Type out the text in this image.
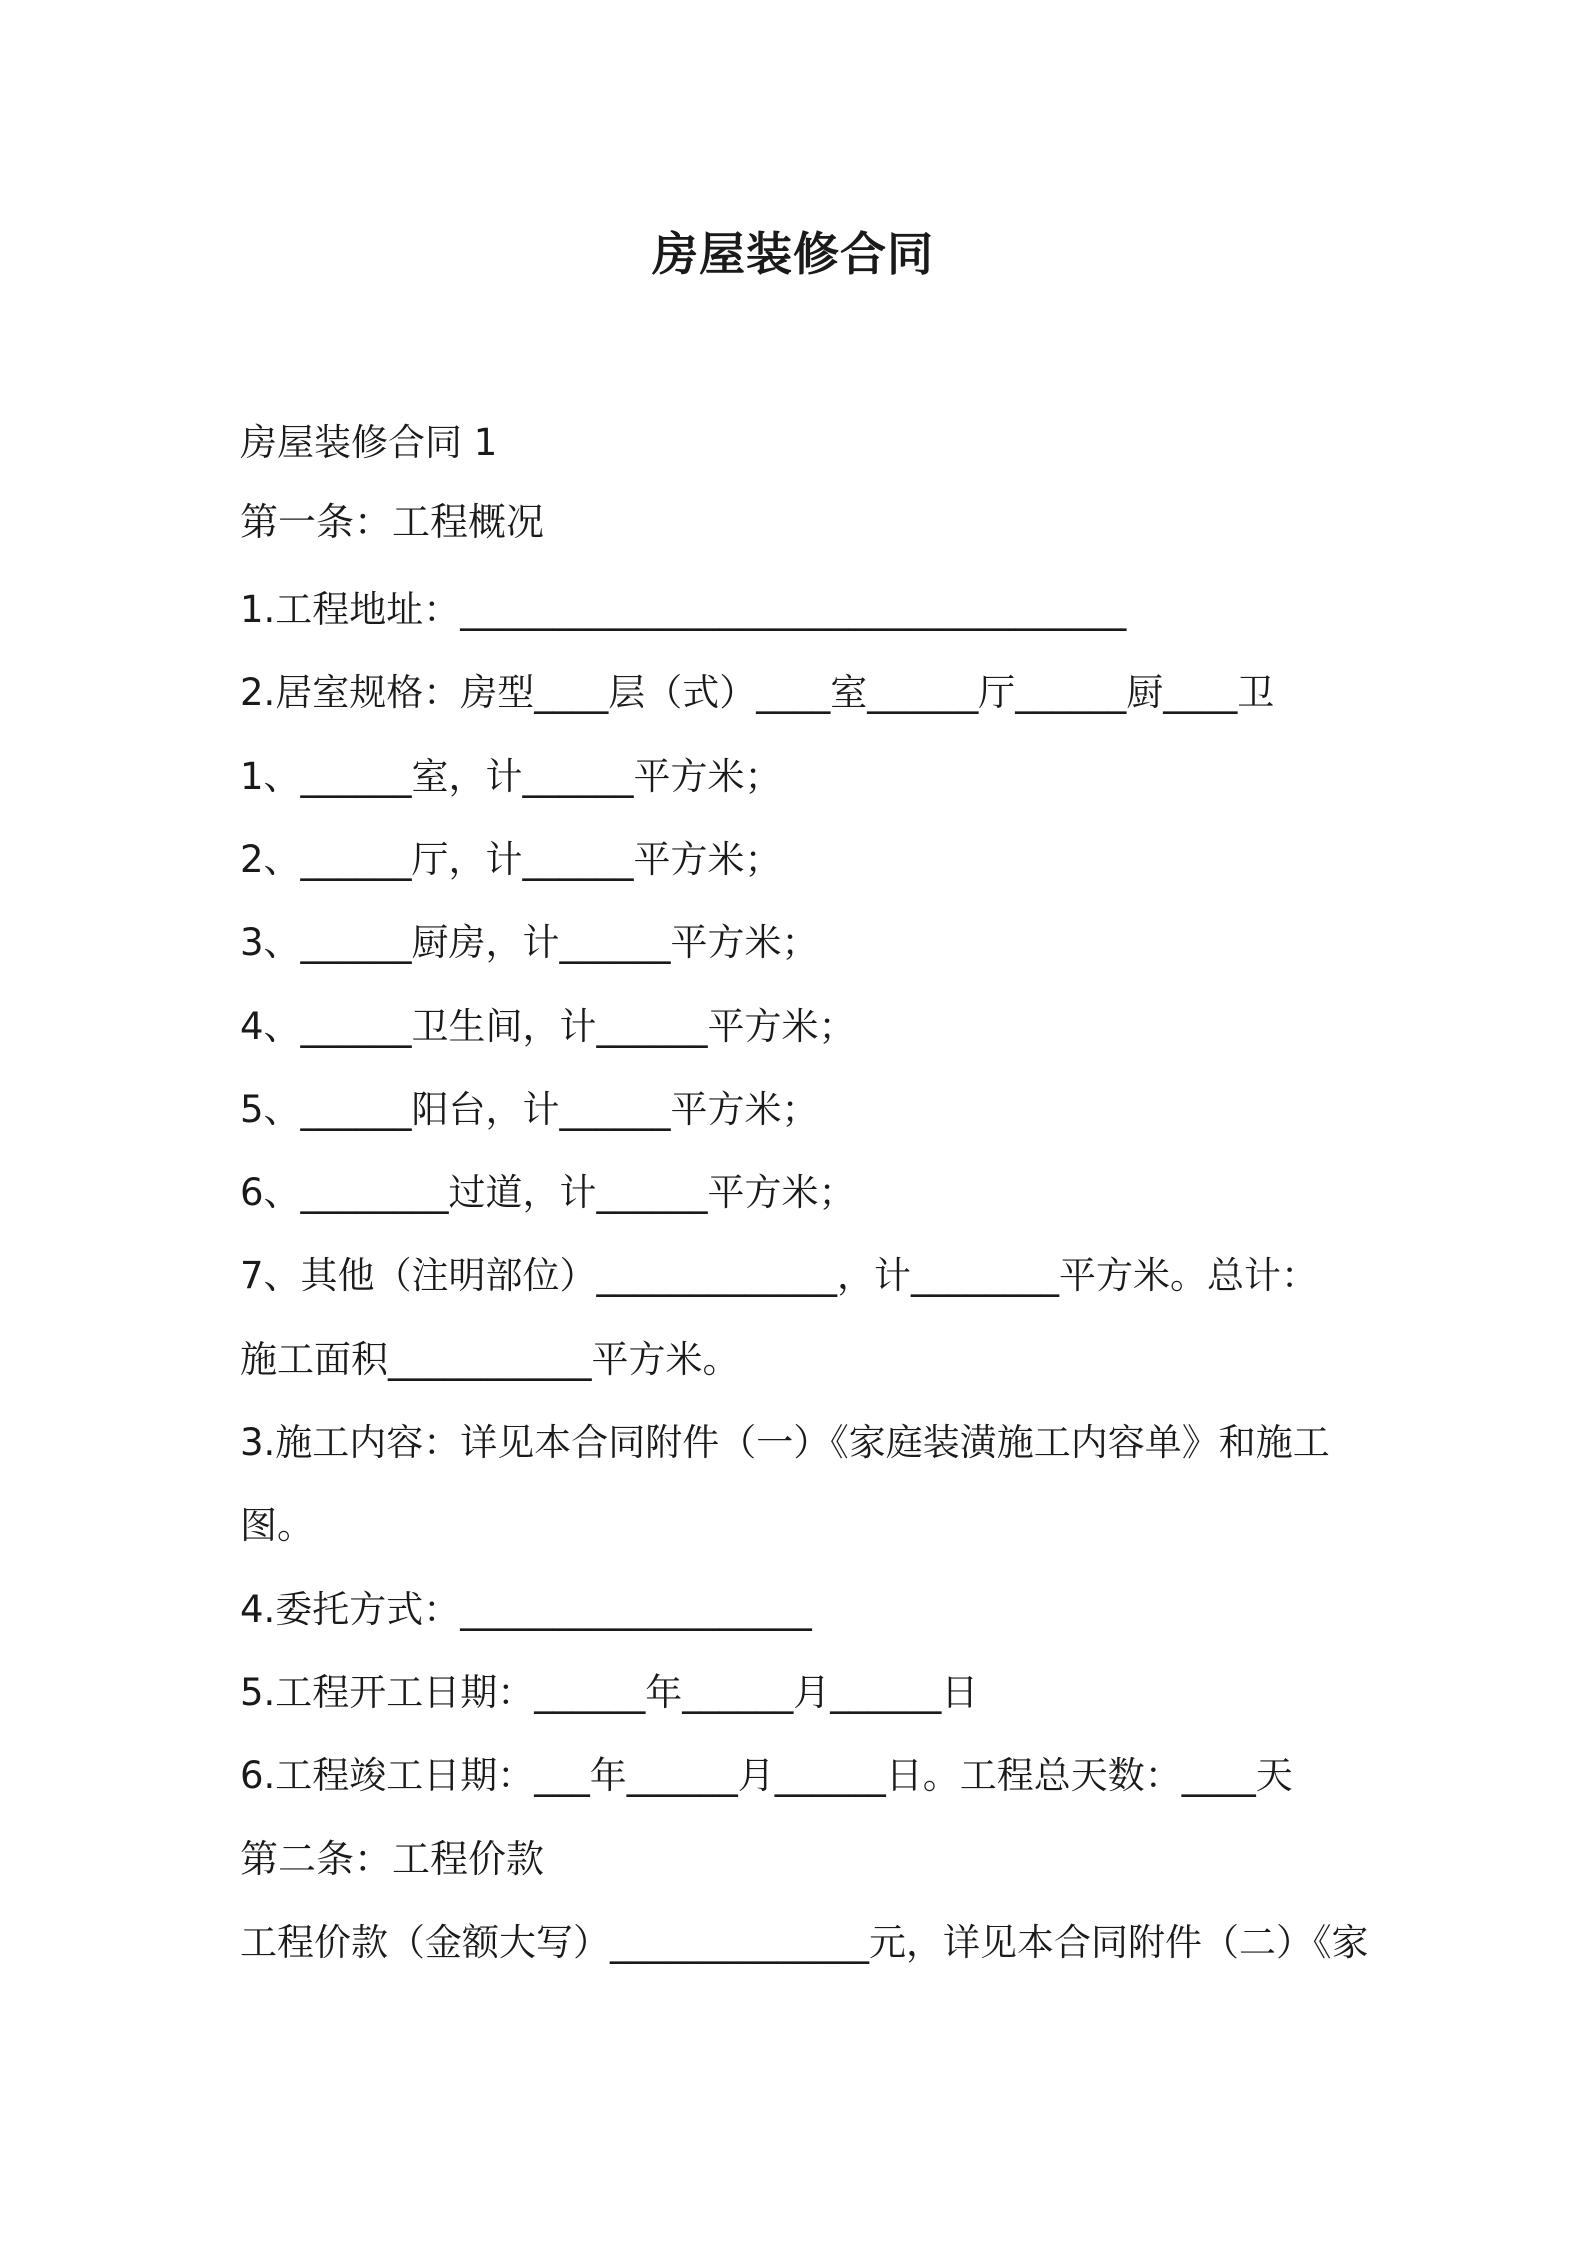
房屋装修合同

房屋装修合同 1

第一条：工程概况

1.工程地址：____________________________________

2.居室规格：房型____层（式）____室______厅______厨____卫

1、______室，计______平方米；

2、______厅，计______平方米；

3、______厨房，计______平方米；

4、______卫生间，计______平方米；

5、______阳台，计______平方米；

6、________过道，计______平方米；

7、其他（注明部位）_____________，计________平方米。总计：

施工面积___________平方米。

3.施工内容：详见本合同附件（一）《家庭装潢施工内容单》和施工

图。

4.委托方式：___________________

5.工程开工日期：______年______月______日

6.工程竣工日期：___年______月______日。工程总天数：____天

第二条：工程价款

工程价款（金额大写）______________元，详见本合同附件（二）《家
